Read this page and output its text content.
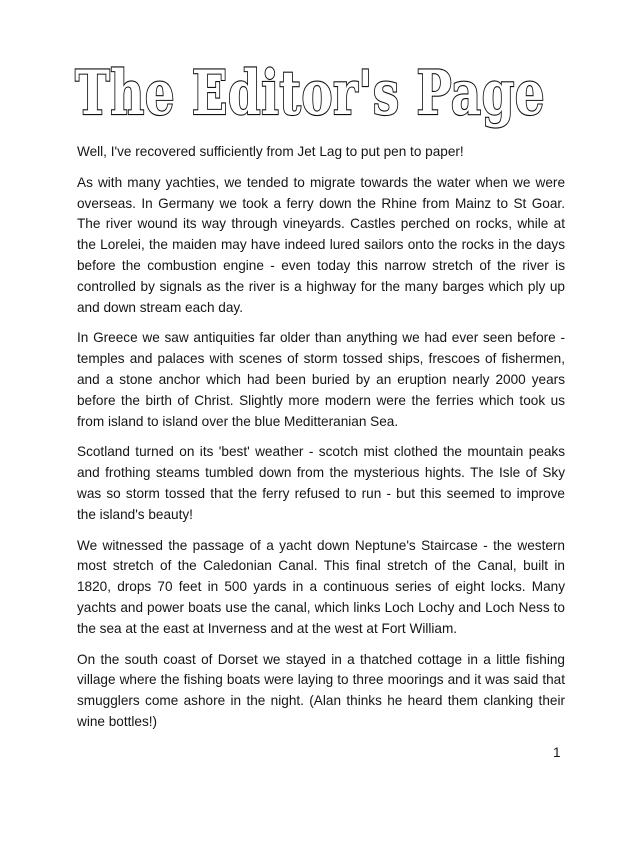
The Editor's Page

Well, I've recovered sufficiently from Jet Lag to put pen to paper!

As with many yachties, we tended to migrate towards the water when we were overseas. In Germany we took a ferry down the Rhine from Mainz to St Goar. The river wound its way through vineyards. Castles perched on rocks, while at the Lorelei, the maiden may have indeed lured sailors onto the rocks in the days before the combustion engine - even today this narrow stretch of the river is controlled by signals as the river is a highway for the many barges which ply up and down stream each day.

In Greece we saw antiquities far older than anything we had ever seen before - temples and palaces with scenes of storm tossed ships, frescoes of fishermen, and a stone anchor which had been buried by an eruption nearly 2000 years before the birth of Christ. Slightly more modern were the ferries which took us from island to island over the blue Meditteranian Sea.

Scotland turned on its 'best' weather - scotch mist clothed the mountain peaks and frothing steams tumbled down from the mysterious hights. The Isle of Sky was so storm tossed that the ferry refused to run - but this seemed to improve the island's beauty!

We witnessed the passage of a yacht down Neptune's Staircase - the western most stretch of the Caledonian Canal. This final stretch of the Canal, built in 1820, drops 70 feet in 500 yards in a continuous series of eight locks. Many yachts and power boats use the canal, which links Loch Lochy and Loch Ness to the sea at the east at Inverness and at the west at Fort William.

On the south coast of Dorset we stayed in a thatched cottage in a little fishing village where the fishing boats were laying to three moorings and it was said that smugglers come ashore in the night. (Alan thinks he heard them clanking their wine bottles!)

1
